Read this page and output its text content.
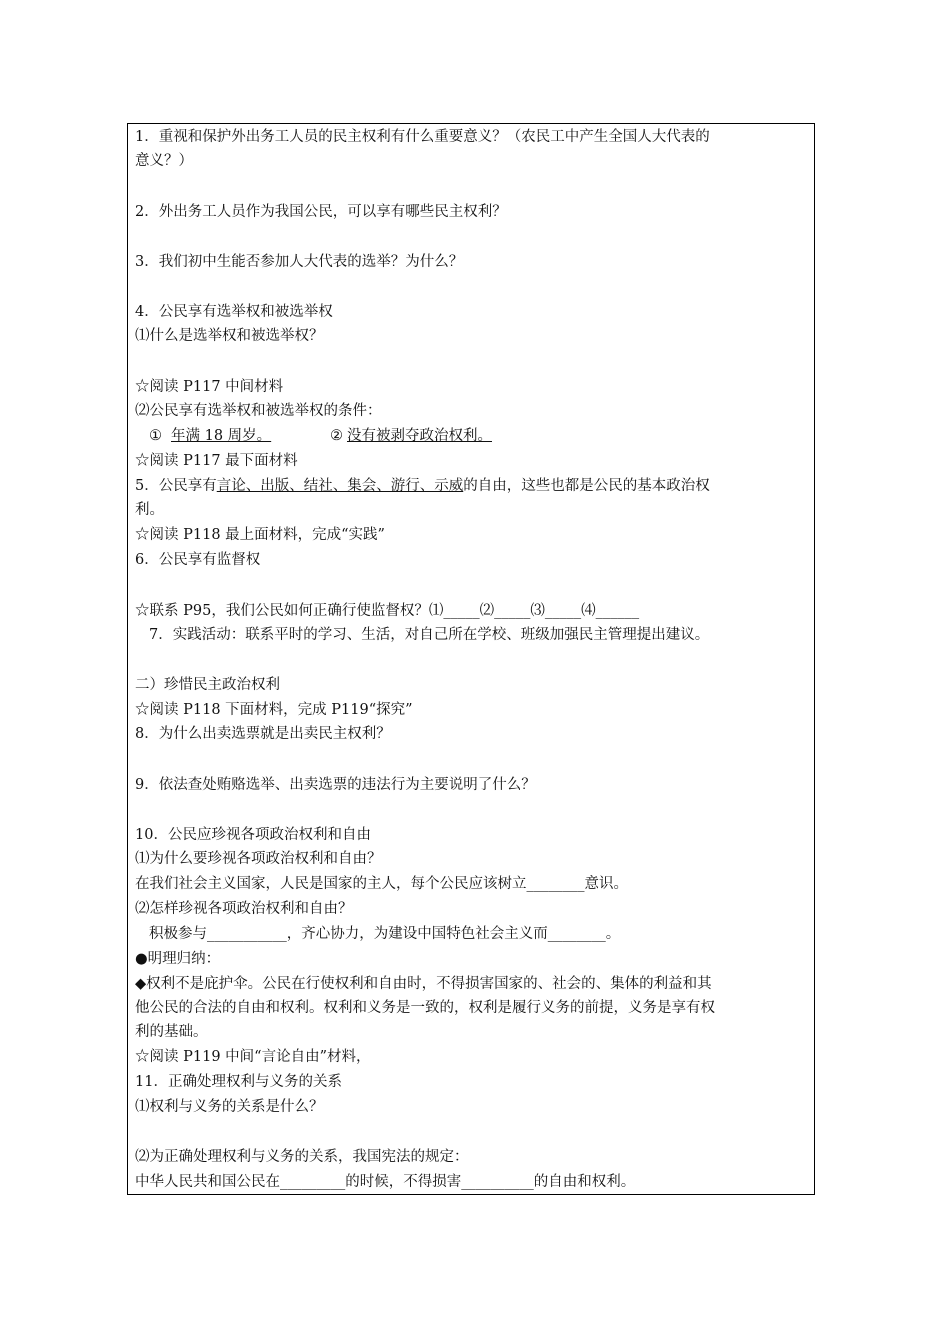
1．重视和保护外出务工人员的民主权利有什么重要意义？（农民工中产生全国人大代表的
意义？）
2．外出务工人员作为我国公民，可以享有哪些民主权利？
3．我们初中生能否参加人大代表的选举？为什么？
4．公民享有选举权和被选举权
⑴什么是选举权和被选举权？
☆阅读 P117 中间材料
⑵公民享有选举权和被选举权的条件：
① 年满 18 周岁。	② 没有被剥夺政治权利。
☆阅读 P117 最下面材料
5．公民享有言论、出版、结社、集会、游行、示威的自由，这些也都是公民的基本政治权
利。
☆阅读 P118 最上面材料，完成“实践”
6．公民享有监督权
☆联系 P95，我们公民如何正确行使监督权？⑴_____⑵_____⑶_____⑷______
7．实践活动：联系平时的学习、生活，对自己所在学校、班级加强民主管理提出建议。
二）珍惜民主政治权利
☆阅读 P118 下面材料，完成 P119“探究”
8．为什么出卖选票就是出卖民主权利？
9．依法查处贿赂选举、出卖选票的违法行为主要说明了什么？
10．公民应珍视各项政治权利和自由
⑴为什么要珍视各项政治权利和自由？
在我们社会主义国家，人民是国家的主人，每个公民应该树立________意识。
⑵怎样珍视各项政治权利和自由？
积极参与___________，齐心协力，为建设中国特色社会主义而________。
●明理归纳：
◆权利不是庇护伞。公民在行使权利和自由时，不得损害国家的、社会的、集体的利益和其
他公民的合法的自由和权利。权利和义务是一致的，权利是履行义务的前提，义务是享有权
利的基础。
☆阅读 P119 中间“言论自由”材料，
11．正确处理权利与义务的关系
⑴权利与义务的关系是什么？
⑵为正确处理权利与义务的关系，我国宪法的规定：
中华人民共和国公民在_________的时候，不得损害__________的自由和权利。
